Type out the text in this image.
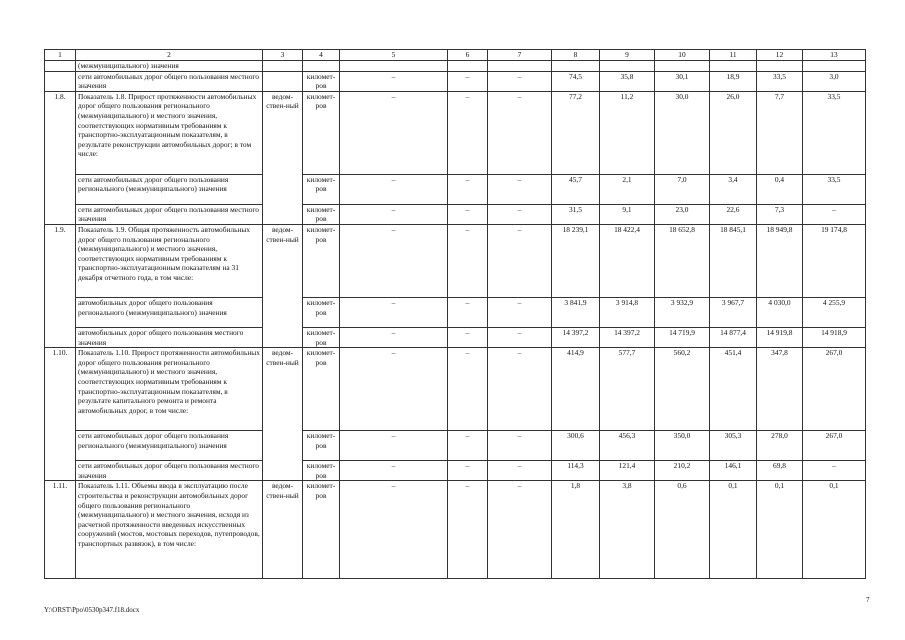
1	2	3	4	5	6	7	8	9	10	11	12	13
	(межмуниципального) значения											
	сети автомобильных дорог общего пользования местного значения		километ-ров	–	–	–	74,5	35,8	30,1	18,9	33,5	3,0
1.8.	Показатель 1.8. Прирост протяженности автомобильных дорог общего пользования регионального (межмуниципального) и местного значения, соответствующих нормативным требованиям к транспортно-эксплуатационным показателям, в результате реконструкции автомобильных дорог; в том числе:	ведом-ствен-ный	километ-ров	–	–	–	77,2	11,2	30,0	26,0	7,7	33,5
	сети автомобильных дорог общего пользования регионального (межмуниципального) значения		километ-ров	–	–	–	45,7	2,1	7,0	3,4	0,4	33,5
	сети автомобильных дорог общего пользования местного значения		километ-ров	–	–	–	31,5	9,1	23,0	22,6	7,3	–
1.9.	Показатель 1.9. Общая протяженность автомобильных дорог общего пользования регионального (межмуниципального) и местного значения, соответствующих нормативным требованиям к транспортно-эксплуатационным показателям на 31 декабря отчетного года, в том числе:	ведом-ствен-ный	километ-ров	–	–	–	18 239,1	18 422,4	18 652,8	18 845,1	18 949,8	19 174,8
	автомобильных дорог общего пользования регионального (межмуниципального) значения		километ-ров	–	–	–	3 841,9	3 914,8	3 932,9	3 967,7	4 030,0	4 255,9
	автомобильных дорог общего пользования местного значения		километ-ров	–	–	–	14 397,2	14 397,2	14 719,9	14 877,4	14 919,8	14 918,9
1.10.	Показатель 1.10. Прирост протяженности автомобильных дорог общего пользования регионального (межмуниципального) и местного значения, соответствующих нормативным требованиям к транспортно-эксплуатационным показателям, в результате капитального ремонта и ремонта автомобильных дорог, в том числе:	ведом-ствен-ный	километ-ров	–	–	–	414,9	577,7	560,2	451,4	347,8	267,0
	сети автомобильных дорог общего пользования регионального (межмуниципального) значения		километ-ров	–	–	–	300,6	456,3	350,0	305,3	278,0	267,0
	сети автомобильных дорог общего пользования местного значения		километ-ров	–	–	–	114,3	121,4	210,2	146,1	69,8	–
1.11.	Показатель 1.11. Объемы ввода в эксплуатацию после строительства и реконструкции автомобильных дорог общего пользования регионального (межмуниципального) и местного значения, исходя из расчетной протяженности введенных искусственных сооружений (мостов, мостовых переходов, путепроводов, транспортных развязок), в том числе:	ведом-ствен-ный	километ-ров	–	–	–	1,8	3,8	0,6	0,1	0,1	0,1
7
Y:\ORST\Ppo\0530p347.f18.docx
